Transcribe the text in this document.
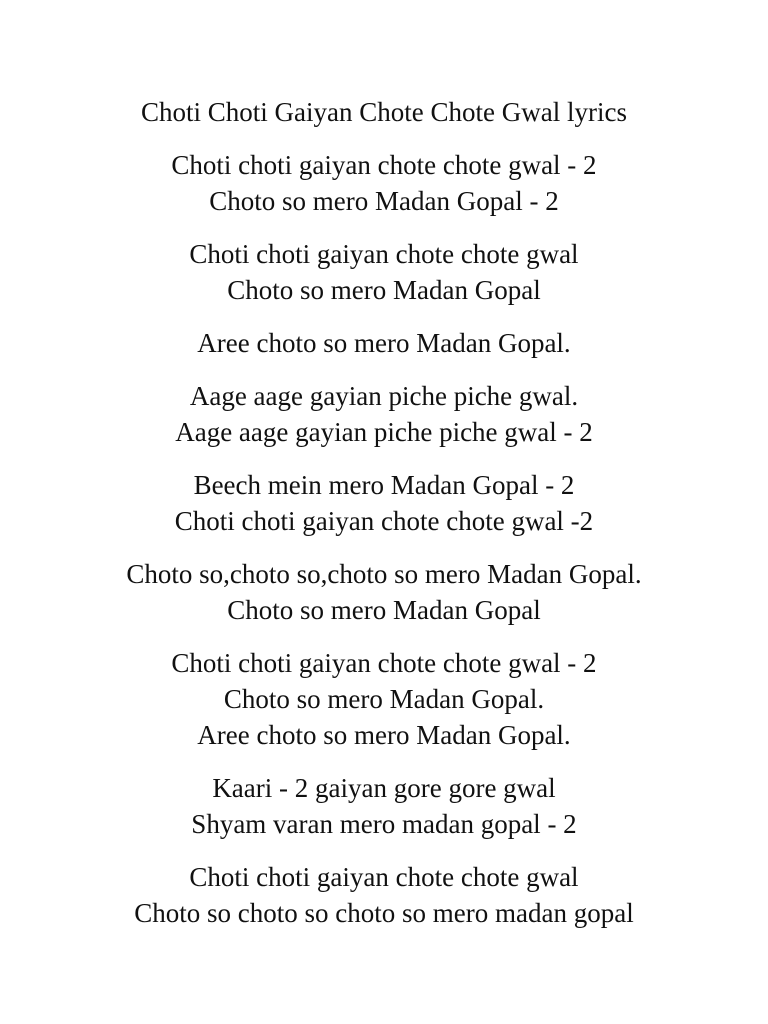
Choti Choti Gaiyan Chote Chote Gwal lyrics
Choti choti gaiyan chote chote gwal - 2
Choto so mero Madan Gopal - 2
Choti choti gaiyan chote chote gwal
Choto so mero Madan Gopal
Aree choto so mero Madan Gopal.
Aage aage gayian piche piche gwal.
Aage aage gayian piche piche gwal - 2
Beech mein mero Madan Gopal - 2
Choti choti gaiyan chote chote gwal -2
Choto so,choto so,choto so mero Madan Gopal.
Choto so mero Madan Gopal
Choti choti gaiyan chote chote gwal - 2
Choto so mero Madan Gopal.
Aree choto so mero Madan Gopal.
Kaari - 2 gaiyan gore gore gwal
Shyam varan mero madan gopal - 2
Choti choti gaiyan chote chote gwal
Choto so choto so choto so mero madan gopal
